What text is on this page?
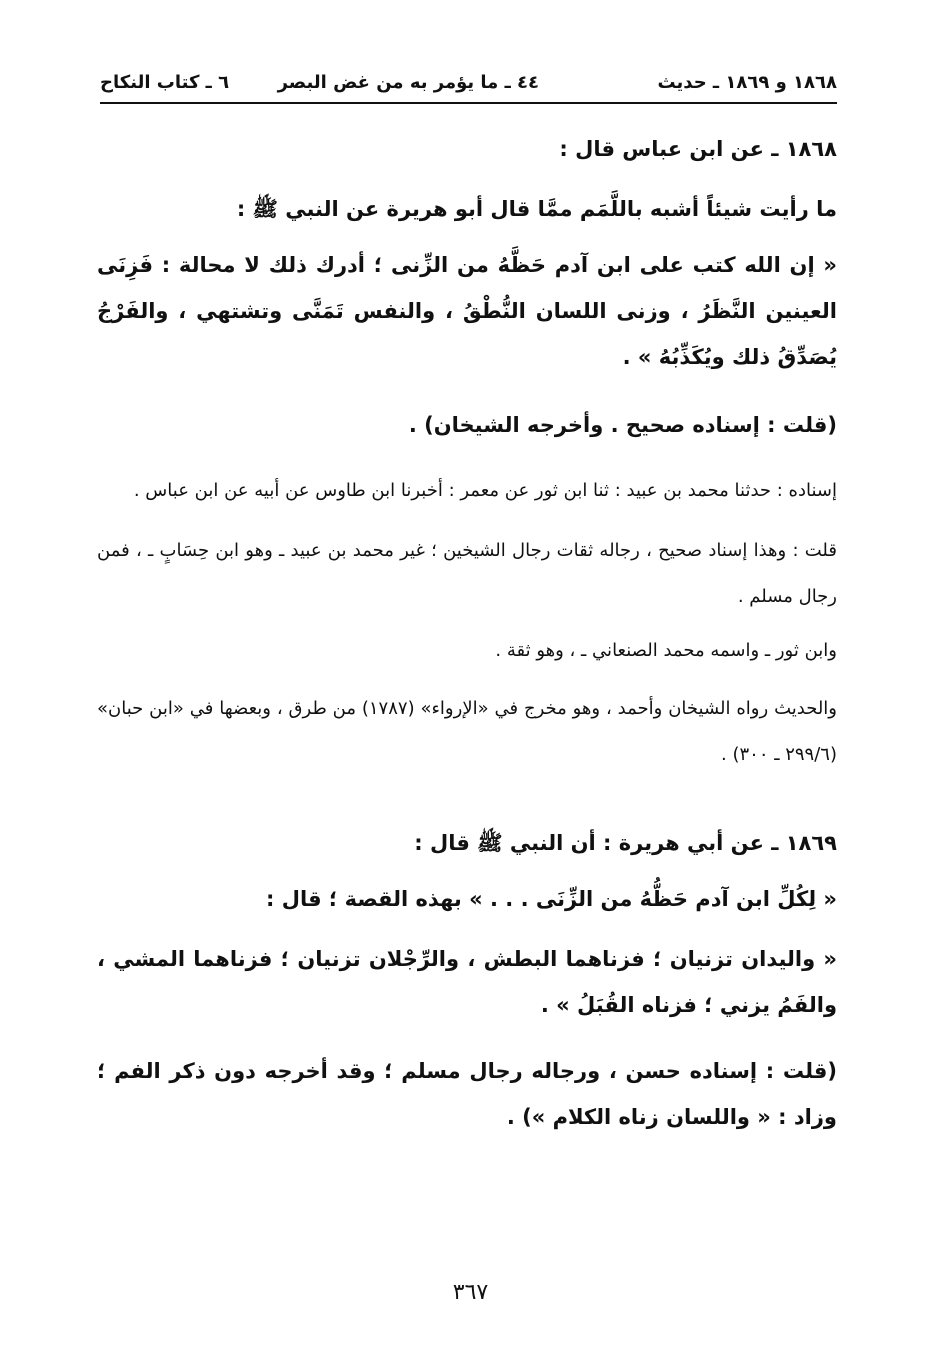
٦ ـ كتاب النكاح	٤٤ ـ ما يؤمر به من غض البصر	١٨٦٨ و ١٨٦٩ ـ حديث

١٨٦٨ ـ عن ابن عباس قال :

ما رأيت شيئاً أشبه باللَّمَم ممَّا قال أبو هريرة عن النبي ﷺ :

« إن الله كتب على ابن آدم حَظَّهُ من الزِّنى ؛ أدرك ذلك لا محالة : فَزِنَى العينين النَّظَرُ ، وزنى اللسان النُّطْقُ ، والنفس تَمَنَّى وتشتهي ، والفَرْجُ يُصَدِّقُ ذلك ويُكَذِّبُهُ » .

(قلت : إسناده صحيح . وأخرجه الشيخان) .

إسناده : حدثنا محمد بن عبيد : ثنا ابن ثور عن معمر : أخبرنا ابن طاوس عن أبيه عن ابن عباس .

قلت : وهذا إسناد صحيح ، رجاله ثقات رجال الشيخين ؛ غير محمد بن عبيد ـ وهو ابن حِسَابٍ ـ ، فمن رجال مسلم .

وابن ثور ـ واسمه محمد الصنعاني ـ ، وهو ثقة .

والحديث رواه الشيخان وأحمد ، وهو مخرج في «الإرواء» (١٧٨٧) من طرق ، وبعضها في «ابن حبان» (٢٩٩/٦ ـ ٣٠٠) .

١٨٦٩ ـ عن أبي هريرة : أن النبي ﷺ قال :

« لِكُلِّ ابن آدم حَظُّهُ من الزِّنَى . . . » بهذه القصة ؛ قال :

« واليدان تزنيان ؛ فزناهما البطش ، والرِّجْلان تزنيان ؛ فزناهما المشي ، والفَمُ يزني ؛ فزناه القُبَلُ » .

(قلت : إسناده حسن ، ورجاله رجال مسلم ؛ وقد أخرجه دون ذكر الفم ؛ وزاد : « واللسان زناه الكلام ») .

٣٦٧
